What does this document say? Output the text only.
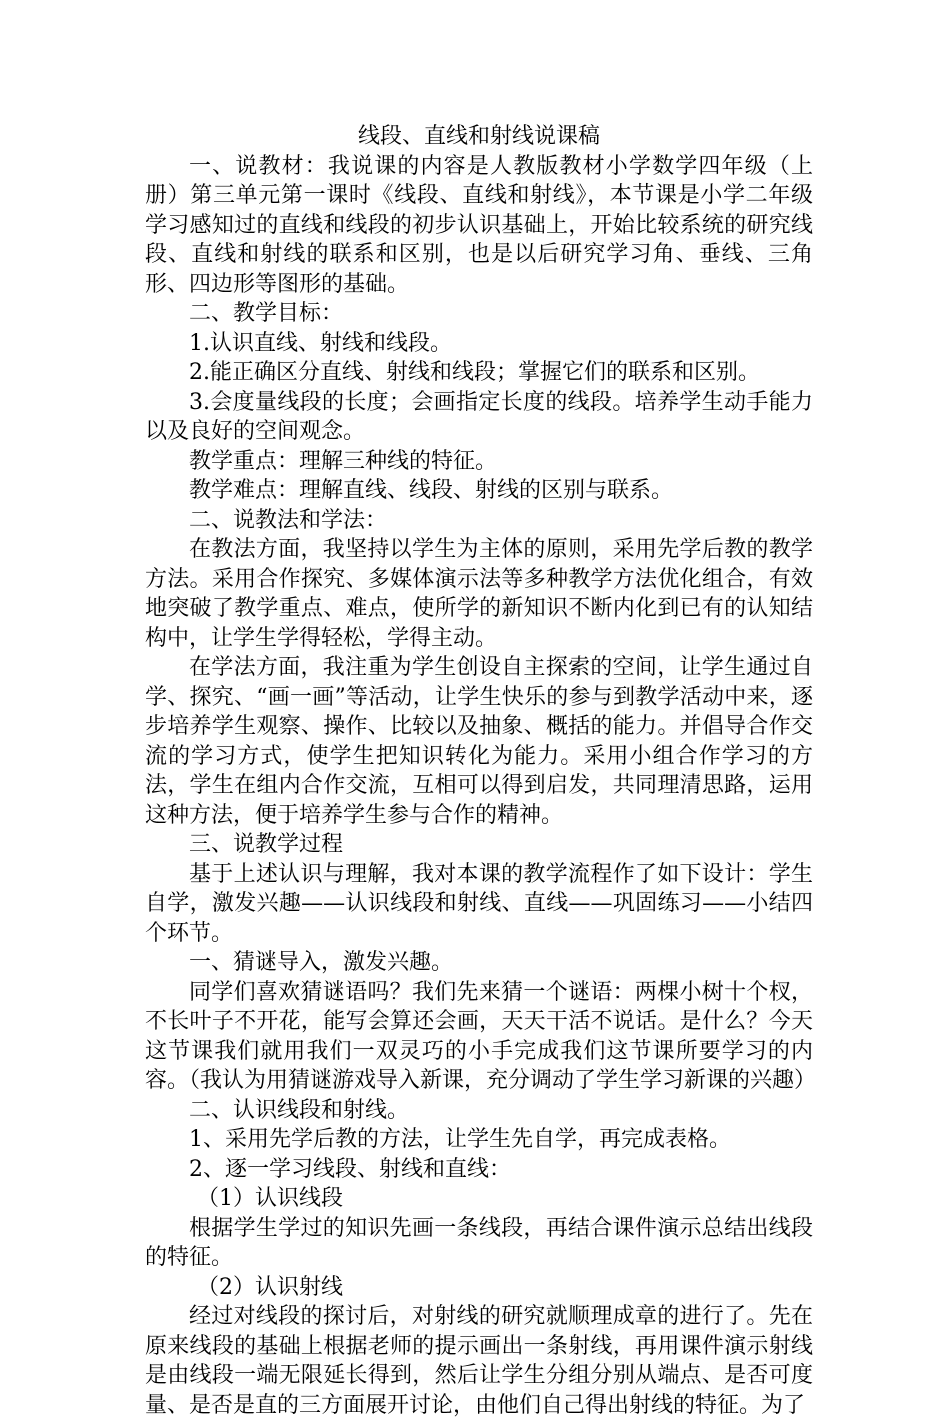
线段、直线和射线说课稿

一、说教材：我说课的内容是人教版教材小学数学四年级（上册）第三单元第一课时《线段、直线和射线》，本节课是小学二年级学习感知过的直线和线段的初步认识基础上，开始比较系统的研究线段、直线和射线的联系和区别，也是以后研究学习角、垂线、三角形、四边形等图形的基础。

二、教学目标：

1.认识直线、射线和线段。

2.能正确区分直线、射线和线段；掌握它们的联系和区别。

3.会度量线段的长度；会画指定长度的线段。培养学生动手能力以及良好的空间观念。

教学重点：理解三种线的特征。

教学难点：理解直线、线段、射线的区别与联系。

二、说教法和学法：

在教法方面，我坚持以学生为主体的原则，采用先学后教的教学方法。采用合作探究、多媒体演示法等多种教学方法优化组合，有效地突破了教学重点、难点，使所学的新知识不断内化到已有的认知结构中，让学生学得轻松，学得主动。

在学法方面，我注重为学生创设自主探索的空间，让学生通过自学、探究、“画一画”等活动，让学生快乐的参与到教学活动中来，逐步培养学生观察、操作、比较以及抽象、概括的能力。并倡导合作交流的学习方式，使学生把知识转化为能力。采用小组合作学习的方法，学生在组内合作交流，互相可以得到启发，共同理清思路，运用这种方法，便于培养学生参与合作的精神。

三、说教学过程

基于上述认识与理解，我对本课的教学流程作了如下设计：学生自学，激发兴趣——认识线段和射线、直线——巩固练习——小结四个环节。

一、猜谜导入，激发兴趣。

同学们喜欢猜谜语吗？我们先来猜一个谜语：两棵小树十个杈，不长叶子不开花，能写会算还会画，天天干活不说话。是什么？今天这节课我们就用我们一双灵巧的小手完成我们这节课所要学习的内容。（我认为用猜谜游戏导入新课，充分调动了学生学习新课的兴趣）

二、认识线段和射线。

1、采用先学后教的方法，让学生先自学，再完成表格。

2、逐一学习线段、射线和直线：

（1）认识线段

根据学生学过的知识先画一条线段，再结合课件演示总结出线段的特征。

（2）认识射线

经过对线段的探讨后，对射线的研究就顺理成章的进行了。先在原来线段的基础上根据老师的提示画出一条射线，再用课件演示射线是由线段一端无限延长得到，然后让学生分组分别从端点、是否可度量、是否是直的三方面展开讨论，由他们自己得出射线的特征。为了
